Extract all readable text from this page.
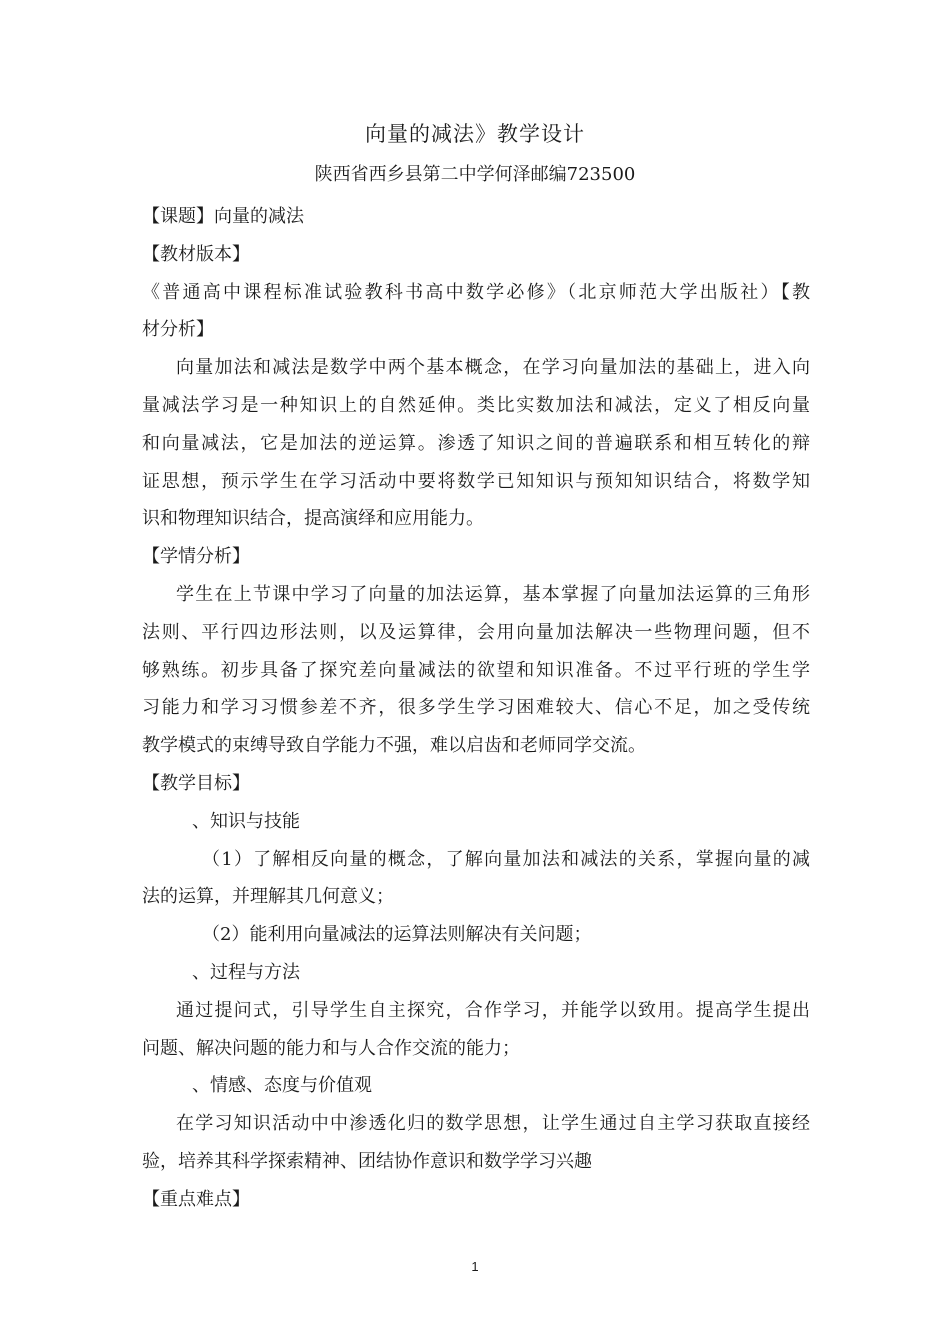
向量的减法》教学设计
陕西省西乡县第二中学何泽邮编723500
【课题】向量的减法
【教材版本】
《普通高中课程标准试验教科书高中数学必修》（北京师范大学出版社）【教
材分析】
向量加法和减法是数学中两个基本概念，在学习向量加法的基础上，进入向
量减法学习是一种知识上的自然延伸。类比实数加法和减法，定义了相反向量
和向量减法，它是加法的逆运算。渗透了知识之间的普遍联系和相互转化的辩
证思想，预示学生在学习活动中要将数学已知知识与预知知识结合，将数学知
识和物理知识结合，提高演绎和应用能力。
【学情分析】
学生在上节课中学习了向量的加法运算，基本掌握了向量加法运算的三角形
法则、平行四边形法则，以及运算律，会用向量加法解决一些物理问题，但不
够熟练。初步具备了探究差向量减法的欲望和知识准备。不过平行班的学生学
习能力和学习习惯参差不齐，很多学生学习困难较大、信心不足，加之受传统
教学模式的束缚导致自学能力不强，难以启齿和老师同学交流。
【教学目标】
、知识与技能
（1）了解相反向量的概念，了解向量加法和减法的关系，掌握向量的减
法的运算，并理解其几何意义；
（2）能利用向量减法的运算法则解决有关问题；
、过程与方法
通过提问式，引导学生自主探究，合作学习，并能学以致用。提高学生提出
问题、解决问题的能力和与人合作交流的能力；
、情感、态度与价值观
在学习知识活动中中渗透化归的数学思想，让学生通过自主学习获取直接经
验，培养其科学探索精神、团结协作意识和数学学习兴趣
【重点难点】
1
